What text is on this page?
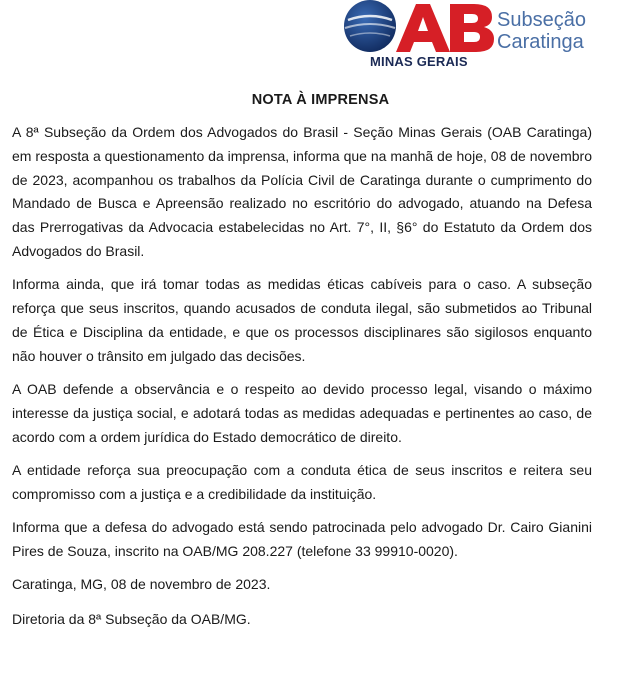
MINAS GERAIS
Subseção
Caratinga
NOTA À IMPRENSA

A 8ª Subseção da Ordem dos Advogados do Brasil - Seção Minas Gerais (OAB Caratinga) em resposta a questionamento da imprensa, informa que na manhã de hoje, 08 de novembro de 2023, acompanhou os trabalhos da Polícia Civil de Caratinga durante o cumprimento do Mandado de Busca e Apreensão realizado no escritório do advogado, atuando na Defesa das Prerrogativas da Advocacia estabelecidas no Art. 7°, II, §6° do Estatuto da Ordem dos Advogados do Brasil.

Informa ainda, que irá tomar todas as medidas éticas cabíveis para o caso. A subseção reforça que seus inscritos, quando acusados de conduta ilegal, são submetidos ao Tribunal de Ética e Disciplina da entidade, e que os processos disciplinares são sigilosos enquanto não houver o trânsito em julgado das decisões.

A OAB defende a observância e o respeito ao devido processo legal, visando o máximo interesse da justiça social, e adotará todas as medidas adequadas e pertinentes ao caso, de acordo com a ordem jurídica do Estado democrático de direito.

A entidade reforça sua preocupação com a conduta ética de seus inscritos e reitera seu compromisso com a justiça e a credibilidade da instituição.

Informa que a defesa do advogado está sendo patrocinada pelo advogado Dr. Cairo Gianini Pires de Souza, inscrito na OAB/MG 208.227 (telefone 33 99910-0020).

Caratinga, MG, 08 de novembro de 2023.

Diretoria da 8ª Subseção da OAB/MG.
